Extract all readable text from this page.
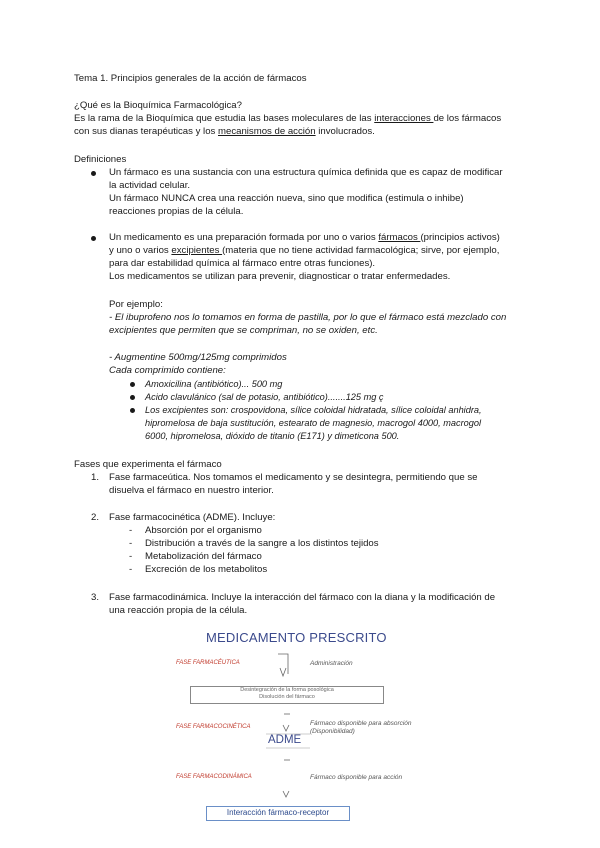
Tema 1. Principios generales de la acción de fármacos
¿Qué es la Bioquímica Farmacológica?
Es la rama de la Bioquímica que estudia las bases moleculares de las interacciones de los fármacos
con sus dianas terapéuticas y los mecanismos de acción involucrados.
Definiciones
Un fármaco es una sustancia con una estructura química definida que es capaz de modificar
la actividad celular.
Un fármaco NUNCA crea una reacción nueva, sino que modifica (estimula o inhibe)
reacciones propias de la célula.
Un medicamento es una preparación formada por uno o varios fármacos (principios activos)
y uno o varios excipientes (materia que no tiene actividad farmacológica; sirve, por ejemplo,
para dar estabilidad química al fármaco entre otras funciones).
Los medicamentos se utilizan para prevenir, diagnosticar o tratar enfermedades.
Por ejemplo:
- El ibuprofeno nos lo tomamos en forma de pastilla, por lo que el fármaco está mezclado con
excipientes que permiten que se compriman, no se oxiden, etc.
- Augmentine 500mg/125mg comprimidos
Cada comprimido contiene:
Amoxicilina (antibiótico)... 500 mg
Acido clavulánico (sal de potasio, antibiótico).......125 mg ç
Los excipientes son: crospovidona, sílice coloidal hidratada, sílice coloidal anhidra,
hipromelosa de baja sustitución, estearato de magnesio, macrogol 4000, macrogol
6000, hipromelosa, dióxido de titanio (E171) y dimeticona 500.
Fases que experimenta el fármaco
1. Fase farmaceútica. Nos tomamos el medicamento y se desintegra, permitiendo que se
disuelva el fármaco en nuestro interior.
2. Fase farmacocinética (ADME). Incluye:
- Absorción por el organismo
- Distribución a través de la sangre a los distintos tejidos
- Metabolización del fármaco
- Excreción de los metabolitos
3. Fase farmacodinámica. Incluye la interacción del fármaco con la diana y la modificación de
una reacción propia de la célula.
MEDICAMENTO PRESCRITO
FASE FARMACÉUTICA	Administración
Desintegración de la forma posológica
Disolución del fármaco
FASE FARMACOCINÉTICA	Fármaco disponible para absorción
(Disponibilidad)
ADME
FASE FARMACODINÁMICA	Fármaco disponible para acción
Interacción fármaco-receptor
